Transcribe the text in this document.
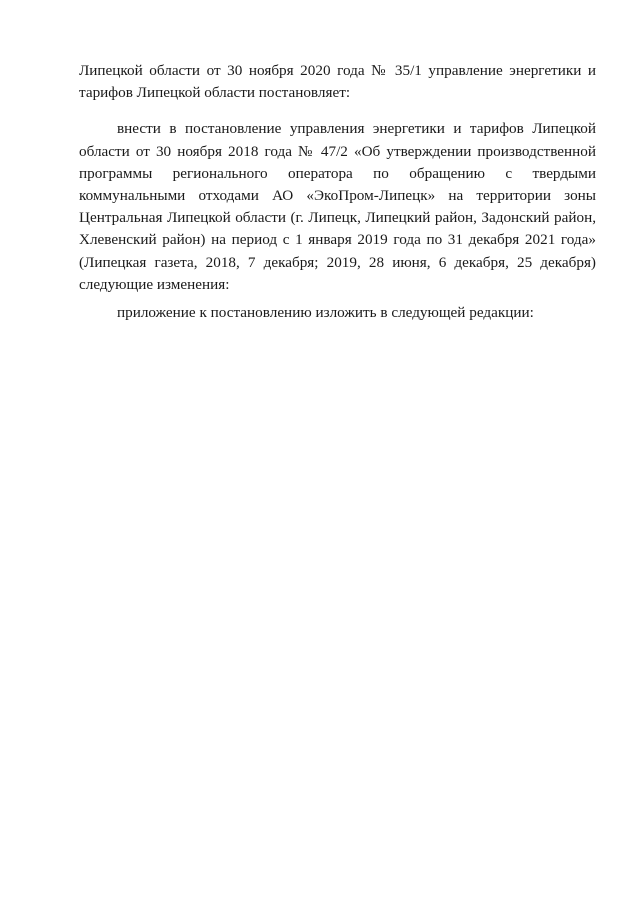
Липецкой области от 30 ноября 2020 года № 35/1 управление энергетики и тарифов Липецкой области постановляет:

внести в постановление управления энергетики и тарифов Липецкой области от 30 ноября 2018 года № 47/2 «Об утверждении производственной программы регионального оператора по обращению с твердыми коммунальными отходами АО «ЭкоПром-Липецк» на территории зоны Центральная Липецкой области (г. Липецк, Липецкий район, Задонский район, Хлевенский район) на период с 1 января 2019 года по 31 декабря 2021 года» (Липецкая газета, 2018, 7 декабря; 2019, 28 июня, 6 декабря, 25 декабря) следующие изменения:

приложение к постановлению изложить в следующей редакции:
